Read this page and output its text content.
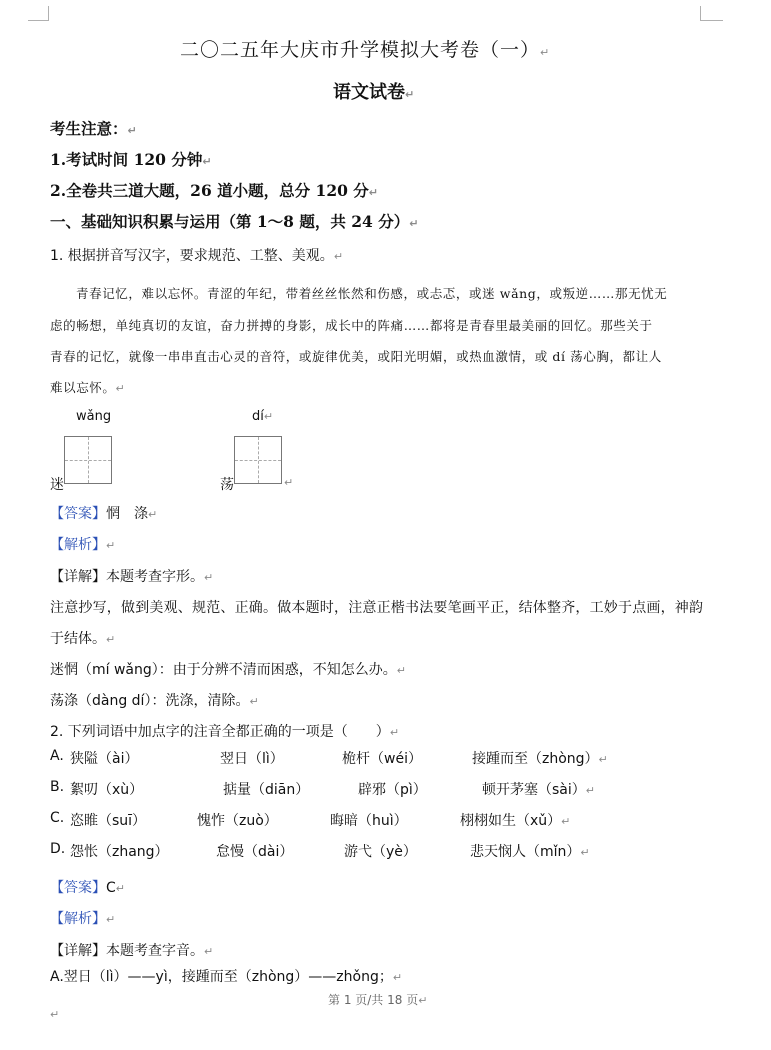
二〇二五年大庆市升学模拟大考卷（一）↵
语文试卷↵
考生注意：↵
1.考试时间 120 分钟↵
2.全卷共三道大题，26 道小题，总分 120 分↵
一、基础知识积累与运用（第 1～8 题，共 24 分）↵
1. 根据拼音写汉字，要求规范、工整、美观。↵
青春记忆，难以忘怀。青涩的年纪，带着丝丝怅然和伤感，或忐忑，或迷 wǎng，或叛逆……那无忧无
虑的畅想，单纯真切的友谊，奋力拼搏的身影，成长中的阵痛……都将是青春里最美丽的回忆。那些关于
青春的记忆，就像一串串直击心灵的音符，或旋律优美，或阳光明媚，或热血激情，或 dí 荡心胸，都让人
难以忘怀。↵
wǎng
迷
dí↵
荡	↵
【答案】惘　涤↵
【解析】↵
【详解】本题考查字形。↵
注意抄写，做到美观、规范、正确。做本题时，注意正楷书法要笔画平正，结体整齐，工妙于点画，神韵
于结体。↵
迷惘（mí wǎng）：由于分辨不清而困惑，不知怎么办。↵
荡涤（dàng dí）：洗涤，清除。↵
2. 下列词语中加点字的注音全都正确的一项是（　　）↵
A. 狭隘（ài）	翌日（lì）	桅杆（wéi）	接踵而至（zhòng）↵
B. 絮叨（xù）	掂量（diān）	辟邪（pì）	顿开茅塞（sài）↵
C. 恣睢（suī）	愧怍（zuò）	晦暗（huì）	栩栩如生（xǔ）↵
D. 怨怅（zhang）	怠慢（dài）	游弋（yè）	悲天悯人（mǐn）↵
【答案】C↵
【解析】↵
【详解】本题考查字音。↵
A.翌日（lì）——yì，接踵而至（zhòng）——zhǒng；↵
第 1 页/共 18 页↵
↵
